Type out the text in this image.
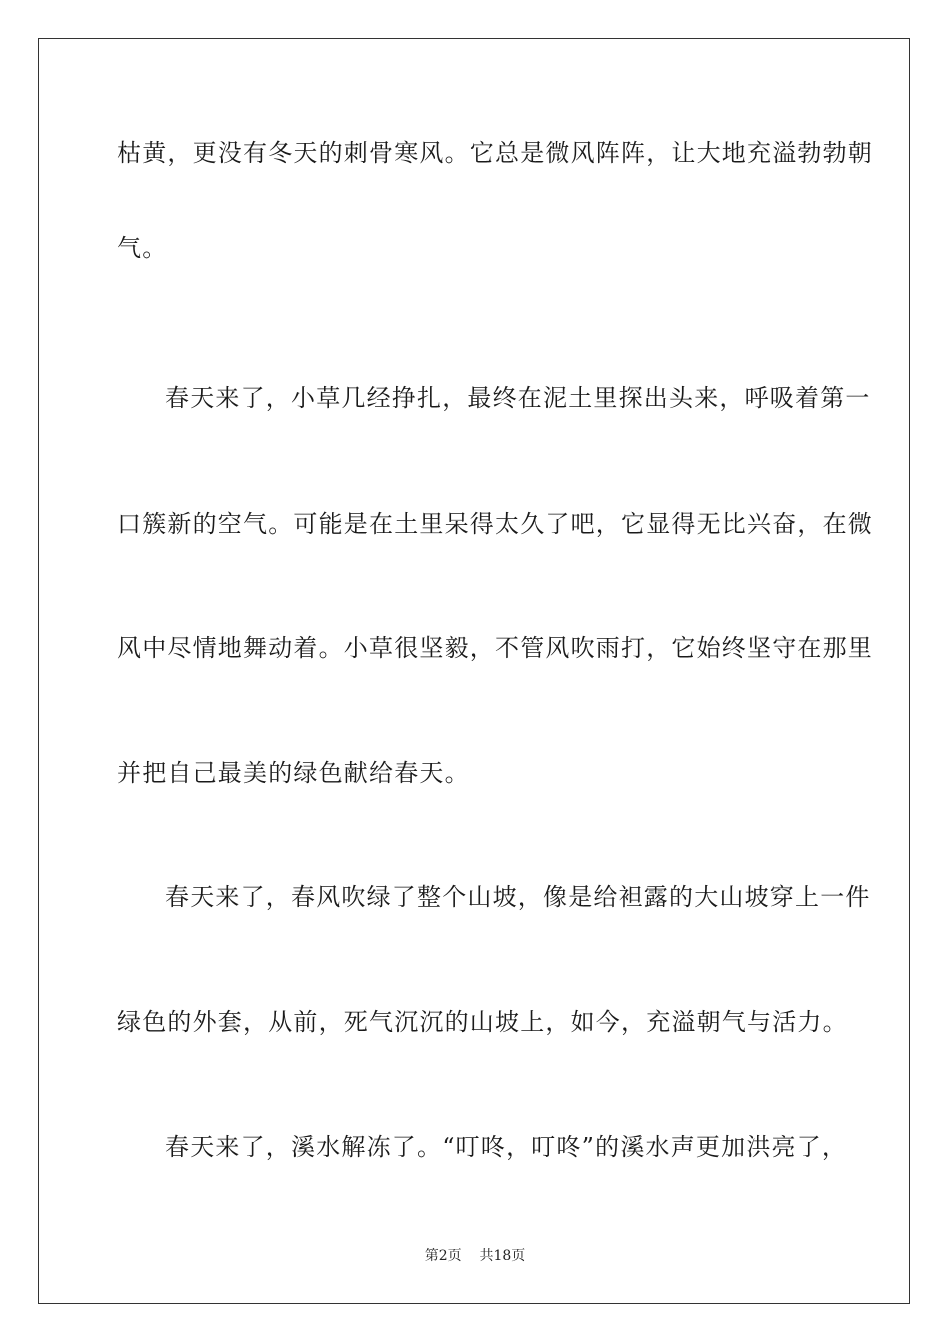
枯黄，更没有冬天的刺骨寒风。它总是微风阵阵，让大地充溢勃勃朝
气。
春天来了，小草几经挣扎，最终在泥土里探出头来，呼吸着第一
口簇新的空气。可能是在土里呆得太久了吧，它显得无比兴奋，在微
风中尽情地舞动着。小草很坚毅，不管风吹雨打，它始终坚守在那里
并把自己最美的绿色献给春天。
春天来了，春风吹绿了整个山坡，像是给袒露的大山坡穿上一件
绿色的外套，从前，死气沉沉的山坡上，如今，充溢朝气与活力。
春天来了，溪水解冻了。“叮咚，叮咚”的溪水声更加洪亮了，
第2页 共18页
